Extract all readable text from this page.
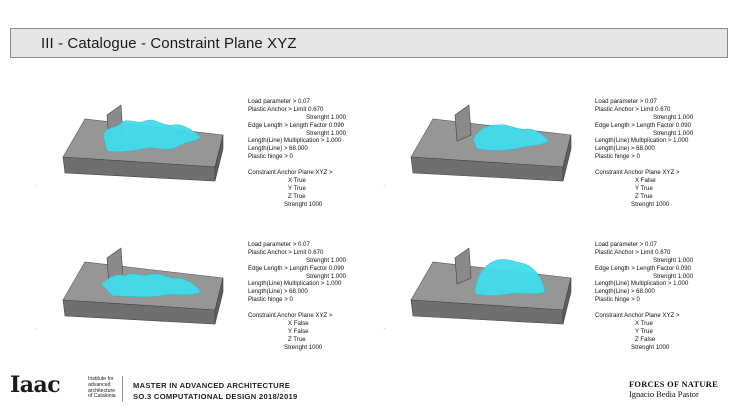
III - Catalogue - Constraint Plane XYZ
·
Load parameter > 0.07
Plastic Anchor > Limit 0.670
Strenght 1.000
Edge Length > Length Factor 0.090
Strenght 1.000
Length(Line) Multiplication > 1.000
Length(Line) > 68.000
Plastic hinge > 0
Constraint Anchor Plane XYZ >
X True
Y True
Z True
Strenght 1000
·
Load parameter > 0.07
Plastic Anchor > Limit 0.670
Strenght 1.000
Edge Length > Length Factor 0.090
Strenght 1.000
Length(Line) Multiplication > 1.000
Length(Line) > 68.000
Plastic hinge > 0
Constraint Anchor Plane XYZ >
X False
Y True
Z True
Strenght 1000
·
Load parameter > 0.07
Plastic Anchor > Limit 0.670
Strenght 1.000
Edge Length > Length Factor 0.090
Strenght 1.000
Length(Line) Multiplication > 1.000
Length(Line) > 68.000
Plastic hinge > 0
Constraint Anchor Plane XYZ >
X False
Y False
Z True
Strenght 1000
·
Load parameter > 0.07
Plastic Anchor > Limit 0.670
Strenght 1.000
Edge Length > Length Factor 0.090
Strenght 1.000
Length(Line) Multiplication > 1.000
Length(Line) > 68.000
Plastic hinge > 0
Constraint Anchor Plane XYZ >
X True
Y True
Z False
Strenght 1000
Iaac	Institute for
advanced
architecture
of Catalonia
MASTER IN ADVANCED ARCHITECTURE
SO.3 COMPUTATIONAL DESIGN 2018/2019
FORCES OF NATURE
Ignacio Bedia Pastor
